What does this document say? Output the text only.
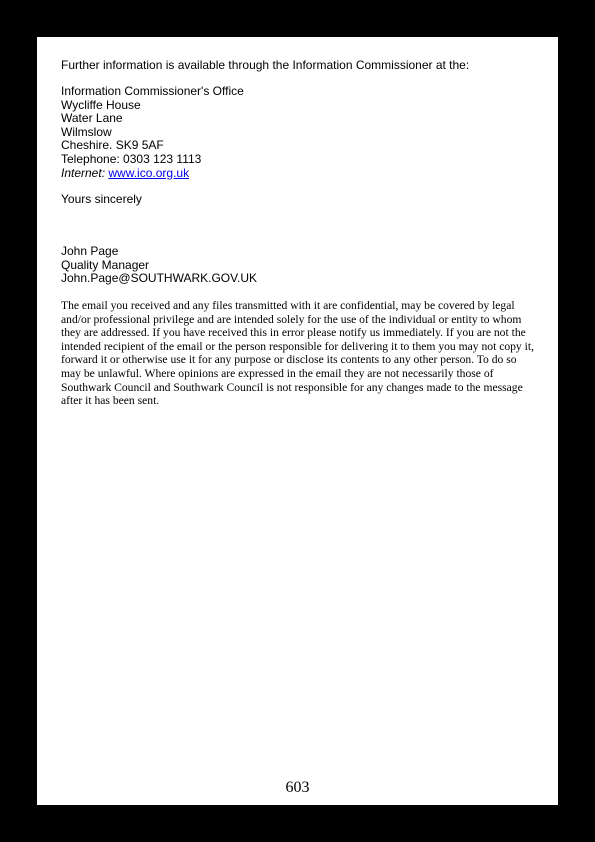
Further information is available through the Information Commissioner at the:
Information Commissioner's Office
Wycliffe House
Water Lane
Wilmslow
Cheshire. SK9 5AF
Telephone: 0303 123 1113
Internet: www.ico.org.uk
Yours sincerely
John Page
Quality Manager
John.Page@SOUTHWARK.GOV.UK
The email you received and any files transmitted with it are confidential, may be covered by legal
and/or professional privilege and are intended solely for the use of the individual or entity to whom
they are addressed. If you have received this in error please notify us immediately. If you are not the
intended recipient of the email or the person responsible for delivering it to them you may not copy it,
forward it or otherwise use it for any purpose or disclose its contents to any other person. To do so
may be unlawful. Where opinions are expressed in the email they are not necessarily those of
Southwark Council and Southwark Council is not responsible for any changes made to the message
after it has been sent.
603
